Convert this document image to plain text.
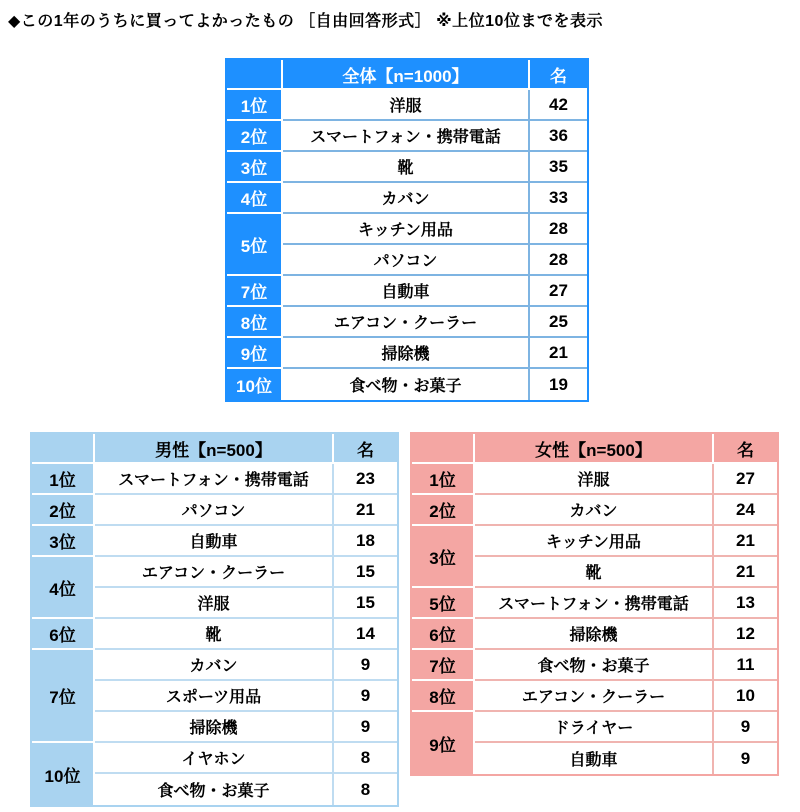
◆この1年のうちに買ってよかったもの ［自由回答形式］ ※上位10位までを表示
	全体【n=1000】	名
1位	洋服	42
2位	スマートフォン・携帯電話	36
3位	靴	35
4位	カバン	33
5位	キッチン用品	28
	パソコン	28
7位	自動車	27
8位	エアコン・クーラー	25
9位	掃除機	21
10位	食べ物・お菓子	19
	男性【n=500】	名
1位	スマートフォン・携帯電話	23
2位	パソコン	21
3位	自動車	18
4位	エアコン・クーラー	15
	洋服	15
6位	靴	14
7位	カバン	9
	スポーツ用品	9
	掃除機	9
10位	イヤホン	8
	食べ物・お菓子	8
	女性【n=500】	名
1位	洋服	27
2位	カバン	24
3位	キッチン用品	21
	靴	21
5位	スマートフォン・携帯電話	13
6位	掃除機	12
7位	食べ物・お菓子	11
8位	エアコン・クーラー	10
9位	ドライヤー	9
	自動車	9
